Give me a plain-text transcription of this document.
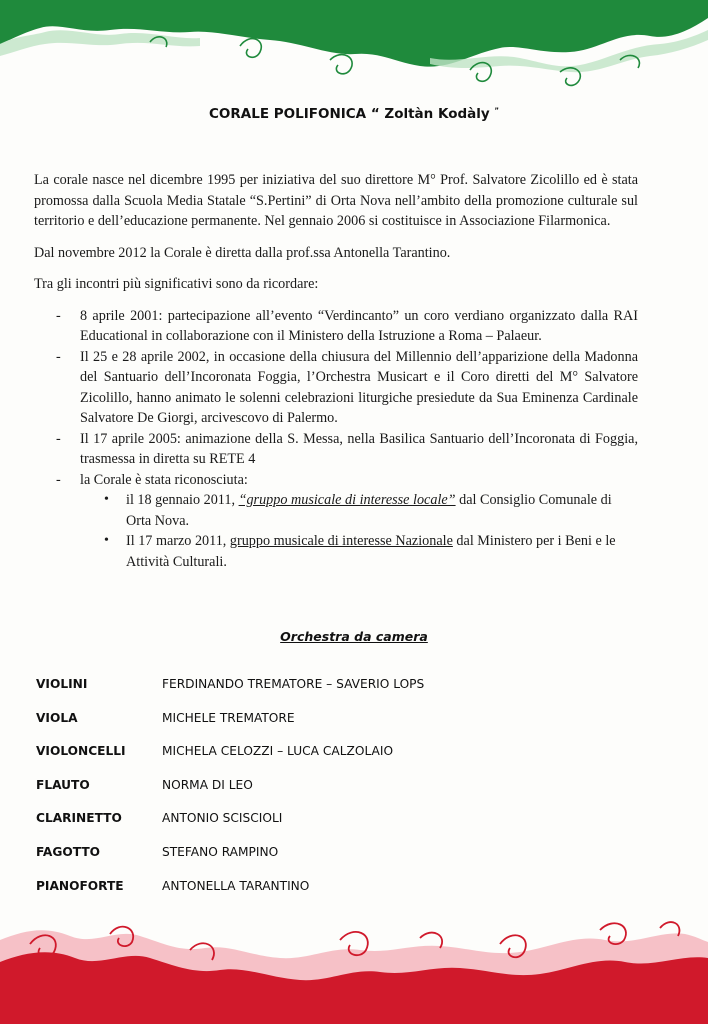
CORALE POLIFONICA “ Zoltàn Kodàly ”

La corale nasce nel dicembre 1995 per iniziativa del suo direttore M° Prof. Salvatore Zicolillo ed è stata promossa dalla Scuola Media Statale “S.Pertini” di Orta Nova nell’ambito della promozione culturale sul territorio e dell’educazione permanente. Nel gennaio 2006 si costituisce in Associazione Filarmonica.

Dal novembre 2012 la Corale è diretta dalla prof.ssa Antonella Tarantino.

Tra gli incontri più significativi sono da ricordare:

- 8 aprile 2001: partecipazione all’evento “Verdincanto” un coro verdiano organizzato dalla RAI Educational in collaborazione con il Ministero della Istruzione a Roma – Palaeur.
- Il 25 e 28 aprile 2002, in occasione della chiusura del Millennio dell’apparizione della Madonna del Santuario dell’Incoronata Foggia, l’Orchestra Musicart e il Coro diretti del M° Salvatore Zicolillo, hanno animato le solenni celebrazioni liturgiche presiedute da Sua Eminenza Cardinale Salvatore De Giorgi, arcivescovo di Palermo.
- Il 17 aprile 2005: animazione della S. Messa, nella Basilica Santuario dell’Incoronata di Foggia, trasmessa in diretta su RETE 4
- la Corale è stata riconosciuta:
• il 18 gennaio 2011, “gruppo musicale di interesse locale” dal Consiglio Comunale di Orta Nova.
• Il 17 marzo 2011, gruppo musicale di interesse Nazionale dal Ministero per i Beni e le Attività Culturali.
Orchestra da camera
VIOLINI	FERDINANDO TREMATORE – SAVERIO LOPS
VIOLA	MICHELE TREMATORE
VIOLONCELLI	MICHELA CELOZZI – LUCA CALZOLAIO
FLAUTO	NORMA DI LEO
CLARINETTO	ANTONIO SCISCIOLI
FAGOTTO	STEFANO RAMPINO
PIANOFORTE	ANTONELLA TARANTINO
